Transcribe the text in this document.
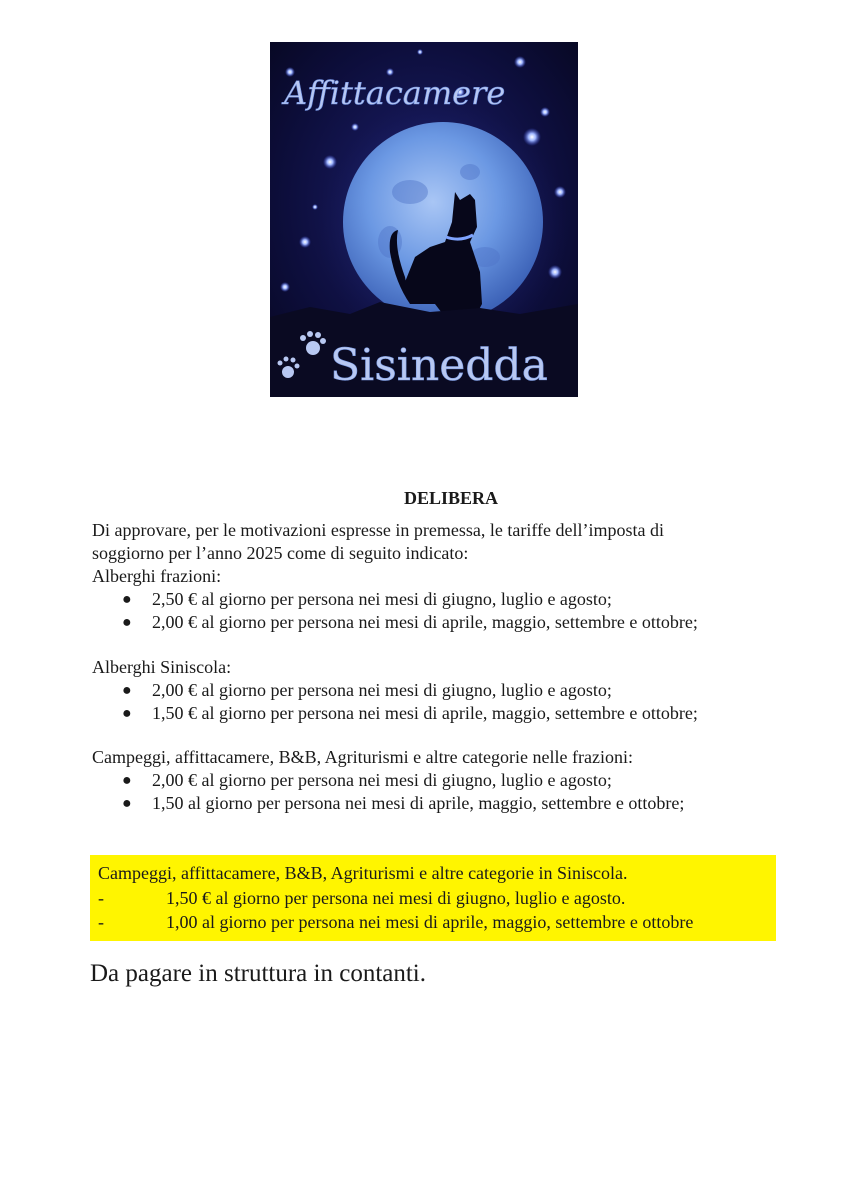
Affittacamere
Sisinedda

DELIBERA

Di approvare, per le motivazioni espresse in premessa, le tariffe dell’imposta di

soggiorno per l’anno 2025 come di seguito indicato:

Alberghi frazioni:

● 2,50 € al giorno per persona nei mesi di giugno, luglio e agosto;
● 2,00 € al giorno per persona nei mesi di aprile, maggio, settembre e ottobre;

Alberghi Siniscola:

● 2,00 € al giorno per persona nei mesi di giugno, luglio e agosto;
● 1,50 € al giorno per persona nei mesi di aprile, maggio, settembre e ottobre;

Campeggi, affittacamere, B&B, Agriturismi e altre categorie nelle frazioni:

● 2,00 € al giorno per persona nei mesi di giugno, luglio e agosto;
● 1,50 al giorno per persona nei mesi di aprile, maggio, settembre e ottobre;

Campeggi, affittacamere, B&B, Agriturismi e altre categorie in Siniscola.

-	1,50 € al giorno per persona nei mesi di giugno, luglio e agosto.
-	1,00 al giorno per persona nei mesi di aprile, maggio, settembre e ottobre
Da pagare in struttura in contanti.
